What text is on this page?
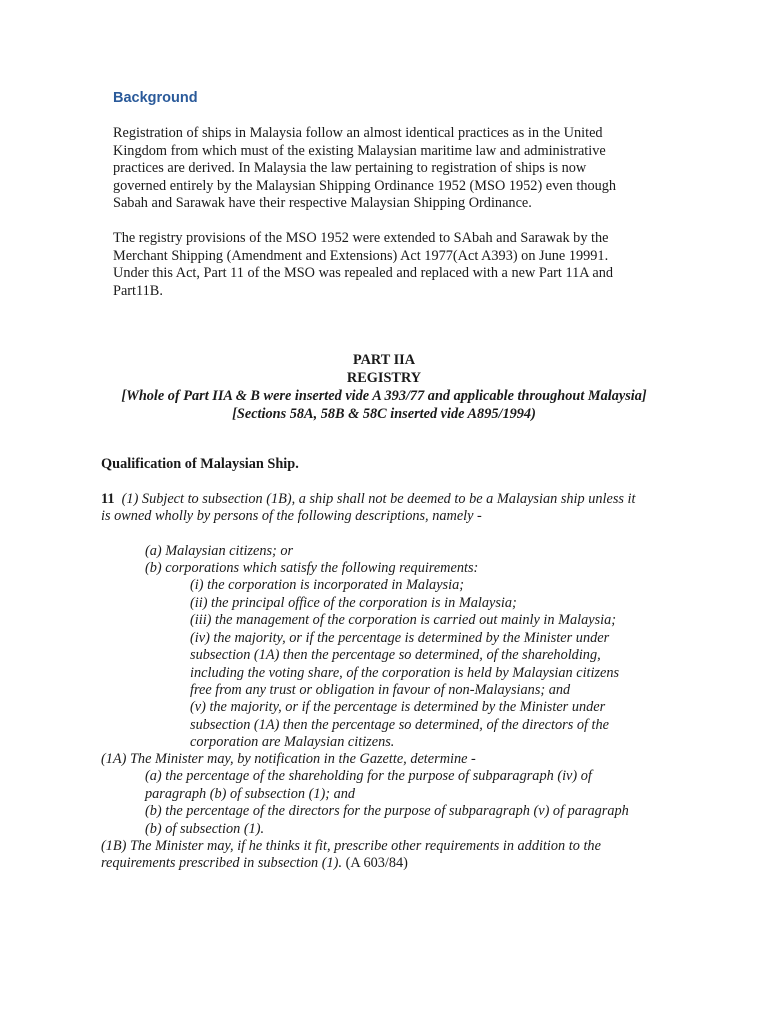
Background
Registration of ships in Malaysia follow an almost identical practices as in the United
Kingdom from which must of the existing Malaysian maritime law and administrative
practices are derived. In Malaysia the law pertaining to registration of ships is now
governed entirely by the Malaysian Shipping Ordinance 1952 (MSO 1952) even though
Sabah and Sarawak have their respective Malaysian Shipping Ordinance.
The registry provisions of the MSO 1952 were extended to SAbah and Sarawak by the
Merchant Shipping (Amendment and Extensions) Act 1977(Act A393) on June 19991.
Under this Act, Part 11 of the MSO was repealed and replaced with a new Part 11A and
Part11B.
PART IIA
REGISTRY
[Whole of Part IIA & B were inserted vide A 393/77 and applicable throughout Malaysia]
[Sections 58A, 58B & 58C inserted vide A895/1994)
Qualification of Malaysian Ship.
11 (1) Subject to subsection (1B), a ship shall not be deemed to be a Malaysian ship unless it
is owned wholly by persons of the following descriptions, namely -
(a) Malaysian citizens; or
(b) corporations which satisfy the following requirements:
(i) the corporation is incorporated in Malaysia;
(ii) the principal office of the corporation is in Malaysia;
(iii) the management of the corporation is carried out mainly in Malaysia;
(iv) the majority, or if the percentage is determined by the Minister under
subsection (1A) then the percentage so determined, of the shareholding,
including the voting share, of the corporation is held by Malaysian citizens
free from any trust or obligation in favour of non-Malaysians; and
(v) the majority, or if the percentage is determined by the Minister under
subsection (1A) then the percentage so determined, of the directors of the
corporation are Malaysian citizens.
(1A) The Minister may, by notification in the Gazette, determine -
(a) the percentage of the shareholding for the purpose of subparagraph (iv) of
paragraph (b) of subsection (1); and
(b) the percentage of the directors for the purpose of subparagraph (v) of paragraph
(b) of subsection (1).
(1B) The Minister may, if he thinks it fit, prescribe other requirements in addition to the
requirements prescribed in subsection (1). (A 603/84)
